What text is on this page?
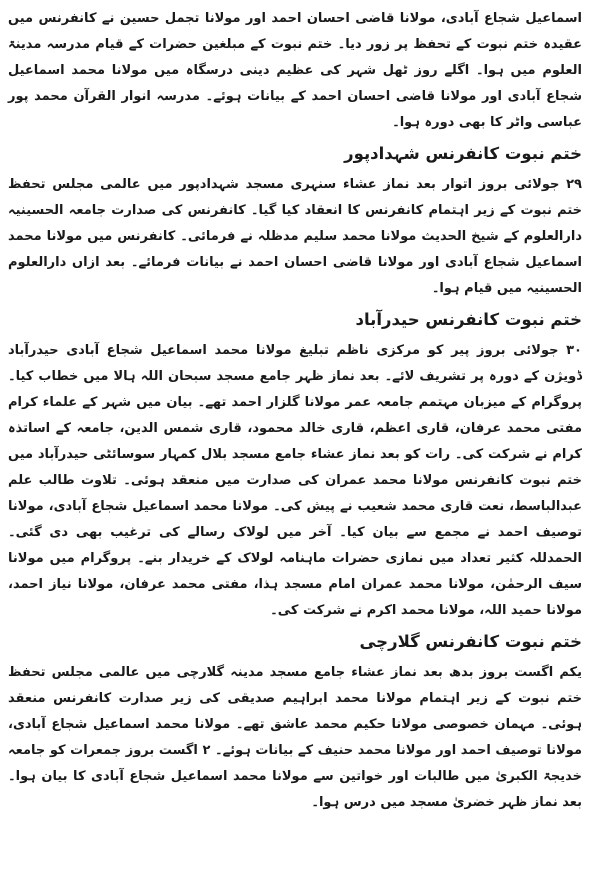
اسماعیل شجاع آبادی، مولانا قاضی احسان احمد اور مولانا تجمل حسین نے کانفرنس میں عقیدہ ختم نبوت کے تحفظ پر زور دیا۔ ختم نبوت کے مبلغین حضرات کے قیام مدرسہ مدینۃ العلوم میں ہوا۔ اگلے روز ٹھل شہر کی عظیم دینی درسگاہ میں مولانا محمد اسماعیل شجاع آبادی اور مولانا قاضی احسان احمد کے بیانات ہوئے۔ مدرسہ انوار القرآن محمد پور عباسی واٹر کا بھی دورہ ہوا۔

ختم نبوت کانفرنس شہدادپور

۲۹ جولائی بروز اتوار بعد نماز عشاء سنہری مسجد شہدادپور میں عالمی مجلس تحفظ ختم نبوت کے زیر اہتمام کانفرنس کا انعقاد کیا گیا۔ کانفرنس کی صدارت جامعہ الحسینیہ دارالعلوم کے شیخ الحدیث مولانا محمد سلیم مدظلہ نے فرمائی۔ کانفرنس میں مولانا محمد اسماعیل شجاع آبادی اور مولانا قاضی احسان احمد نے بیانات فرمائے۔ بعد ازاں دارالعلوم الحسینیہ میں قیام ہوا۔

ختم نبوت کانفرنس حیدرآباد

۳۰ جولائی بروز پیر کو مرکزی ناظم تبلیغ مولانا محمد اسماعیل شجاع آبادی حیدرآباد ڈویژن کے دورہ پر تشریف لائے۔ بعد نماز ظہر جامع مسجد سبحان اللہ ہالا میں خطاب کیا۔ پروگرام کے میزبان مہتمم جامعہ عمر مولانا گلزار احمد تھے۔ بیان میں شہر کے علماء کرام مفتی محمد عرفان، قاری اعظم، قاری خالد محمود، قاری شمس الدین، جامعہ کے اساتذہ کرام نے شرکت کی۔ رات کو بعد نماز عشاء جامع مسجد بلال کمہار سوسائٹی حیدرآباد میں ختم نبوت کانفرنس مولانا محمد عمران کی صدارت میں منعقد ہوئی۔ تلاوت طالب علم عبدالباسط، نعت قاری محمد شعیب نے پیش کی۔ مولانا محمد اسماعیل شجاع آبادی، مولانا توصیف احمد نے مجمع سے بیان کیا۔ آخر میں لولاک رسالے کی ترغیب بھی دی گئی۔ الحمدللہ کثیر تعداد میں نمازی حضرات ماہنامہ لولاک کے خریدار بنے۔ پروگرام میں مولانا سیف الرحمٰن، مولانا محمد عمران امام مسجد ہذا، مفتی محمد عرفان، مولانا نیاز احمد، مولانا حمید اللہ، مولانا محمد اکرم نے شرکت کی۔

ختم نبوت کانفرنس گلارچی

یکم اگست بروز بدھ بعد نماز عشاء جامع مسجد مدینہ گلارچی میں عالمی مجلس تحفظ ختم نبوت کے زیر اہتمام مولانا محمد ابراہیم صدیقی کی زیر صدارت کانفرنس منعقد ہوئی۔ مہمان خصوصی مولانا حکیم محمد عاشق تھے۔ مولانا محمد اسماعیل شجاع آبادی، مولانا توصیف احمد اور مولانا محمد حنیف کے بیانات ہوئے۔ ۲ اگست بروز جمعرات کو جامعہ خدیجۃ الکبریٰ میں طالبات اور خواتین سے مولانا محمد اسماعیل شجاع آبادی کا بیان ہوا۔ بعد نماز ظہر خضریٰ مسجد میں درس ہوا۔
